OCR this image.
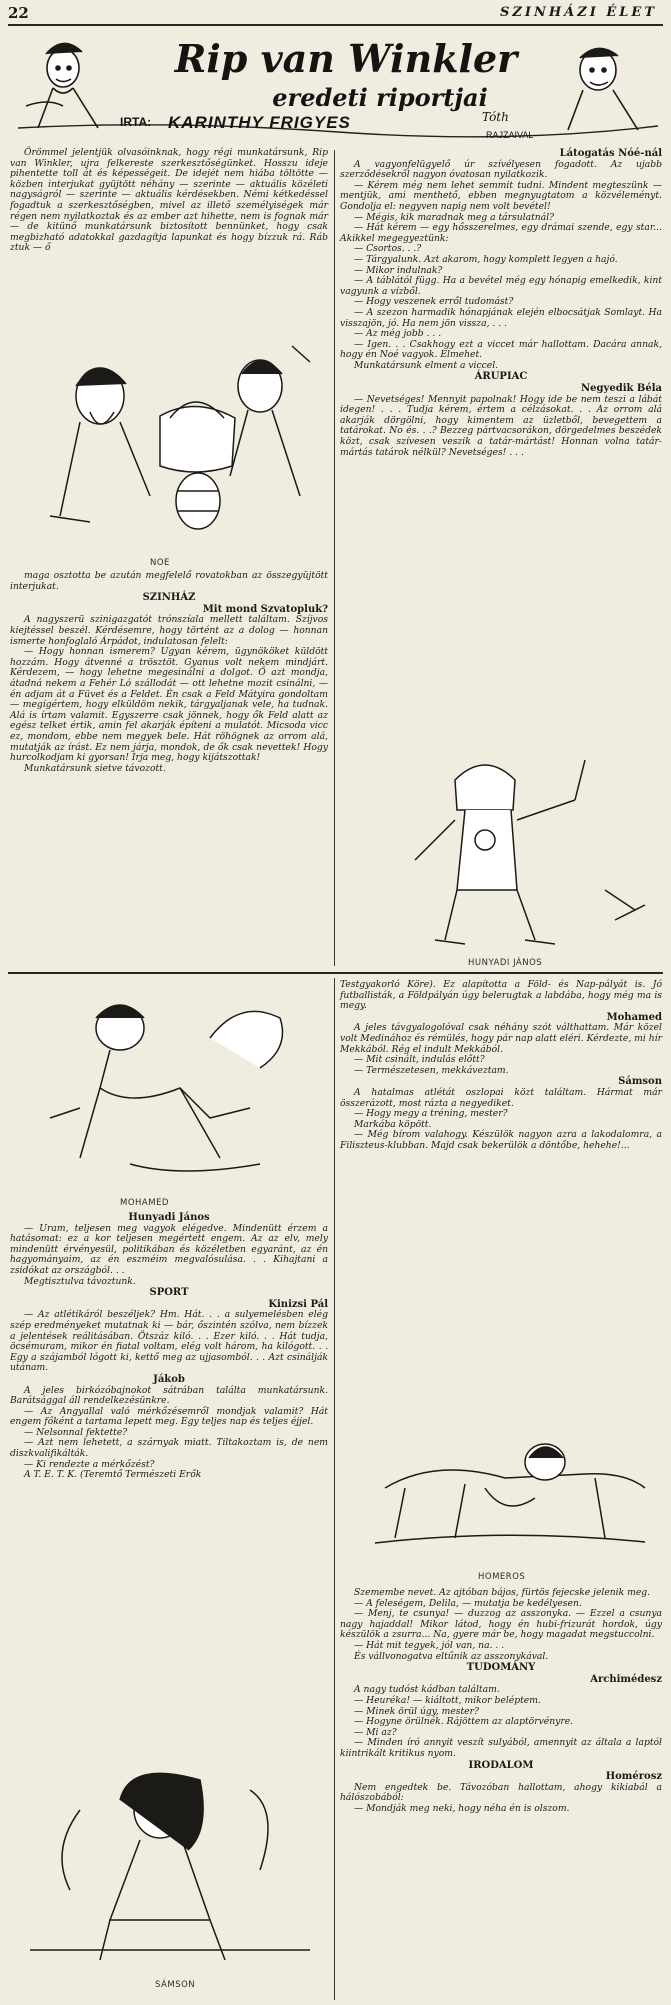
22	SZINHÁZI ÉLET
Rip van Winkler
eredeti riportjai
IRTA: KARINTHY FRIGYES	Tóth
RAJZAIVAL

Örömmel jelentjük olvasóinknak, hogy régi munkatársunk, Rip van Winkler, ujra felkereste szerkesztőségünket. Hosszu ideje pihentette toll át és képességeit. De idejét nem hiába töltötte — közben interjukat gyüjtött néhány — szerinte — aktuális közéleti nagyságról — szerinte — aktuális kérdésekben. Némi kétkedéssel fogadtuk a szerkesztőségben, mivel az illető személyiségek már régen nem nyilatkoztak és az ember azt hihette, nem is fognak már — de kitünő munkatársunk biztosított bennünket, hogy csak megbizható adatokkal gazdagítja lapunkat és hogy bízzuk rá. Ráb ztuk — ő

NOE

maga osztotta be azután megfelelő rovatokban az összegyüjtött interjukat.

SZINHÁZ
Mit mond Szvatopluk?

A nagyszerü szinigazgatót trónszíala mellett találtam. Szíjvos kiejtéssel beszél. Kérdésemre, hogy történt az a dolog — honnan ismerte honfoglaló Árpádot, indulatosan felelt:

— Hogy honnan ismerem? Ugyan kérem, ügynököket küldött hozzám. Hogy átvenné a trösztöt. Gyanus volt nekem mindjárt. Kérdezem, — hogy lehetne megesinálni a dolgot. Ő azt mondja, átadná nekem a Fehér Ló szállodát — ott lehetne mozit csinálni, — én adjam át a Füvet és a Feldet. Én csak a Feld Mátyira gondoltam — megígértem, hogy elküldöm nekik, tárgyaljanak vele, ha tudnak. Alá is írtam valamit. Egyszerre csak jönnek, hogy ők Feld alatt az egész telket értik, amin fel akarják építeni a mulatót. Micsoda vicc ez, mondom, ebbe nem megyek bele. Hát röhögnek az orrom alá, mutatják az írást. Ez nem járja, mondok, de ők csak nevettek! Hogy hurcolkodjam ki gyorsan! Irja meg, hogy kijátszottak!

Munkatársunk sietve távozott.

Látogatás Nóé-nál

A vagyonfelügyelő úr szívélyesen fogadott. Az ujabb szerződésekről nagyon óvatosan nyilatkozik.

— Kérem még nem lehet semmit tudni. Mindent megteszünk — mentjük, ami menthető, ebben megnyugtatom a közvéleményt. Gondolja el: negyven napig nem volt bevétel!

— Mégis, kik maradnak meg a társulatnál?

— Hát kérem — egy hősszerelmes, egy drámai szende, egy star... Akikkel megegyeztünk:

— Csortos. . .?

— Tárgyalunk. Azt akarom, hogy komplett legyen a hajó.

— Mikor indulnak?

— A táblától függ. Ha a bevétel még egy hónapig emelkedik, kint vagyunk a vízből.

— Hogy veszenek erről tudomást?

— A szezon harmadik hónapjának elején elbocsátjak Somlayt. Ha visszajön, jó. Ha nem jön vissza, . . .

— Az még jobb . . .

— Igen. . . Csakhogy ezt a viccet már hallottam. Dacára annak, hogy én Noé vagyok. Elmehet.

Munkatársunk elment a viccel.

ÁRUPIAC
Negyedik Béla

— Nevetséges! Mennyit papolnak! Hogy ide be nem teszi a lábát idegen! . . . Tudja kérem, értem a célzásokat. . . Az orrom alá akarják dörgölni, hogy kimentem az üzletből, bevegettem a tatárokat. No és. . .? Bezzeg pártvacsorákon, dörgedelmes beszédek közt, csak szívesen veszik a tatár-mártást! Honnan volna tatár-mártás tatárok nélkül? Nevetséges! . . .

HUNYADI JÁNOS
MOHAMED
Hunyadi János

— Uram, teljesen meg vagyok elégedve. Mindenütt érzem a hatásomat: ez a kor teljesen megértett engem. Az az elv, mely mindenütt érvényesül, politikában és közéletben egyaránt, az én hagyományaim, az én eszméim megvalósulása. . . Kihajtani a zsidókat az országból. . .

Megtisztulva távoztunk.

SPORT
Kinizsi Pál

— Az atlétikáról beszéljek? Hm. Hát. . . a sulyemelésben elég szép eredményeket mutatnak ki — bár, őszintén szólva, nem bízzek a jelentések reálitásában. Ötszáz kiló. . . Ezer kiló. . . Hát tudja, öcsémuram, mikor én fiatal voltam, elég volt három, ha kilógott. . . Egy a szájamból lógott ki, kettő meg az ujjasomból. . . Azt csinálják utánam.

Jákob

A jeles birkózóbajnokot sátrában találta munkatársunk. Barátsággal áll rendelkezésünkre.

— Az Angyallal való mérkőzésemről mondjak valamit? Hát engem főként a tartama lepett meg. Egy teljes nap és teljes éjjel.

— Nelsonnal fektette?

— Azt nem lehetett, a szárnyak miatt. Tiltakoztam is, de nem diszkvalifikálták.

— Ki rendezte a mérkőzést?

A T. E. T. K. (Teremtő Természeti Erők

SÁMSON

Testgyakorló Köre). Ez alapította a Föld- és Nap-pályát is. Jó futballisták, a Földpályán úgy belerugtak a labdába, hogy még ma is megy.

Mohamed

A jeles távgyalogolóval csak néhány szót válthattam. Már közel volt Medinához és rémülés, hogy pár nap alatt eléri. Kérdezte, mi hír Mekkából. Rég el indult Mekkából.

— Mit csinált, indulás előtt?

— Természetesen, mekkáveztam.

Sámson

A hatalmas atlétát oszlopai közt találtam. Hármat már összerázott, most rázta a negyediket.

— Hogy megy a tréning, mester?

Markába köpött.

— Még bírom valahogy. Készülök nagyon azra a lakodalomra, a Filiszteus-klubban. Majd csak bekerülök a döntőbe, hehehe!...

HOMEROS

Szemembe nevet. Az ajtóban bájos, fürtös fejecske jelenik meg.

— A feleségem, Delila, — mutatja be kedélyesen.

— Menj, te csunya! — duzzog az asszonyka. — Ezzel a csunya nagy hajaddal! Mikor látod, hogy én hubi-frizurát hordok, úgy készülök a zsurra... Na, gyere már be, hogy magadat megstuccolni.

— Hát mit tegyek, jól van, na. . .

És vállvonogatva eltűnik az asszonykával.

TUDOMÁNY
Archimédesz

A nagy tudóst kádban találtam.

— Heuréka! — kiáltott, mikor beléptem.

— Minek örül úgy, mester?

— Hogyne örülnék. Rájöttem az alaptörvényre.

— Mi az?

— Minden író annyit veszít sulyából, amennyit az általa a laptól kiintrikált kritikus nyom.

IRODALOM
Homérosz

Nem engedtek be. Távozóban hallottam, ahogy kikiabál a hálószobából:

— Mondják meg neki, hogy néha én is olszom.
